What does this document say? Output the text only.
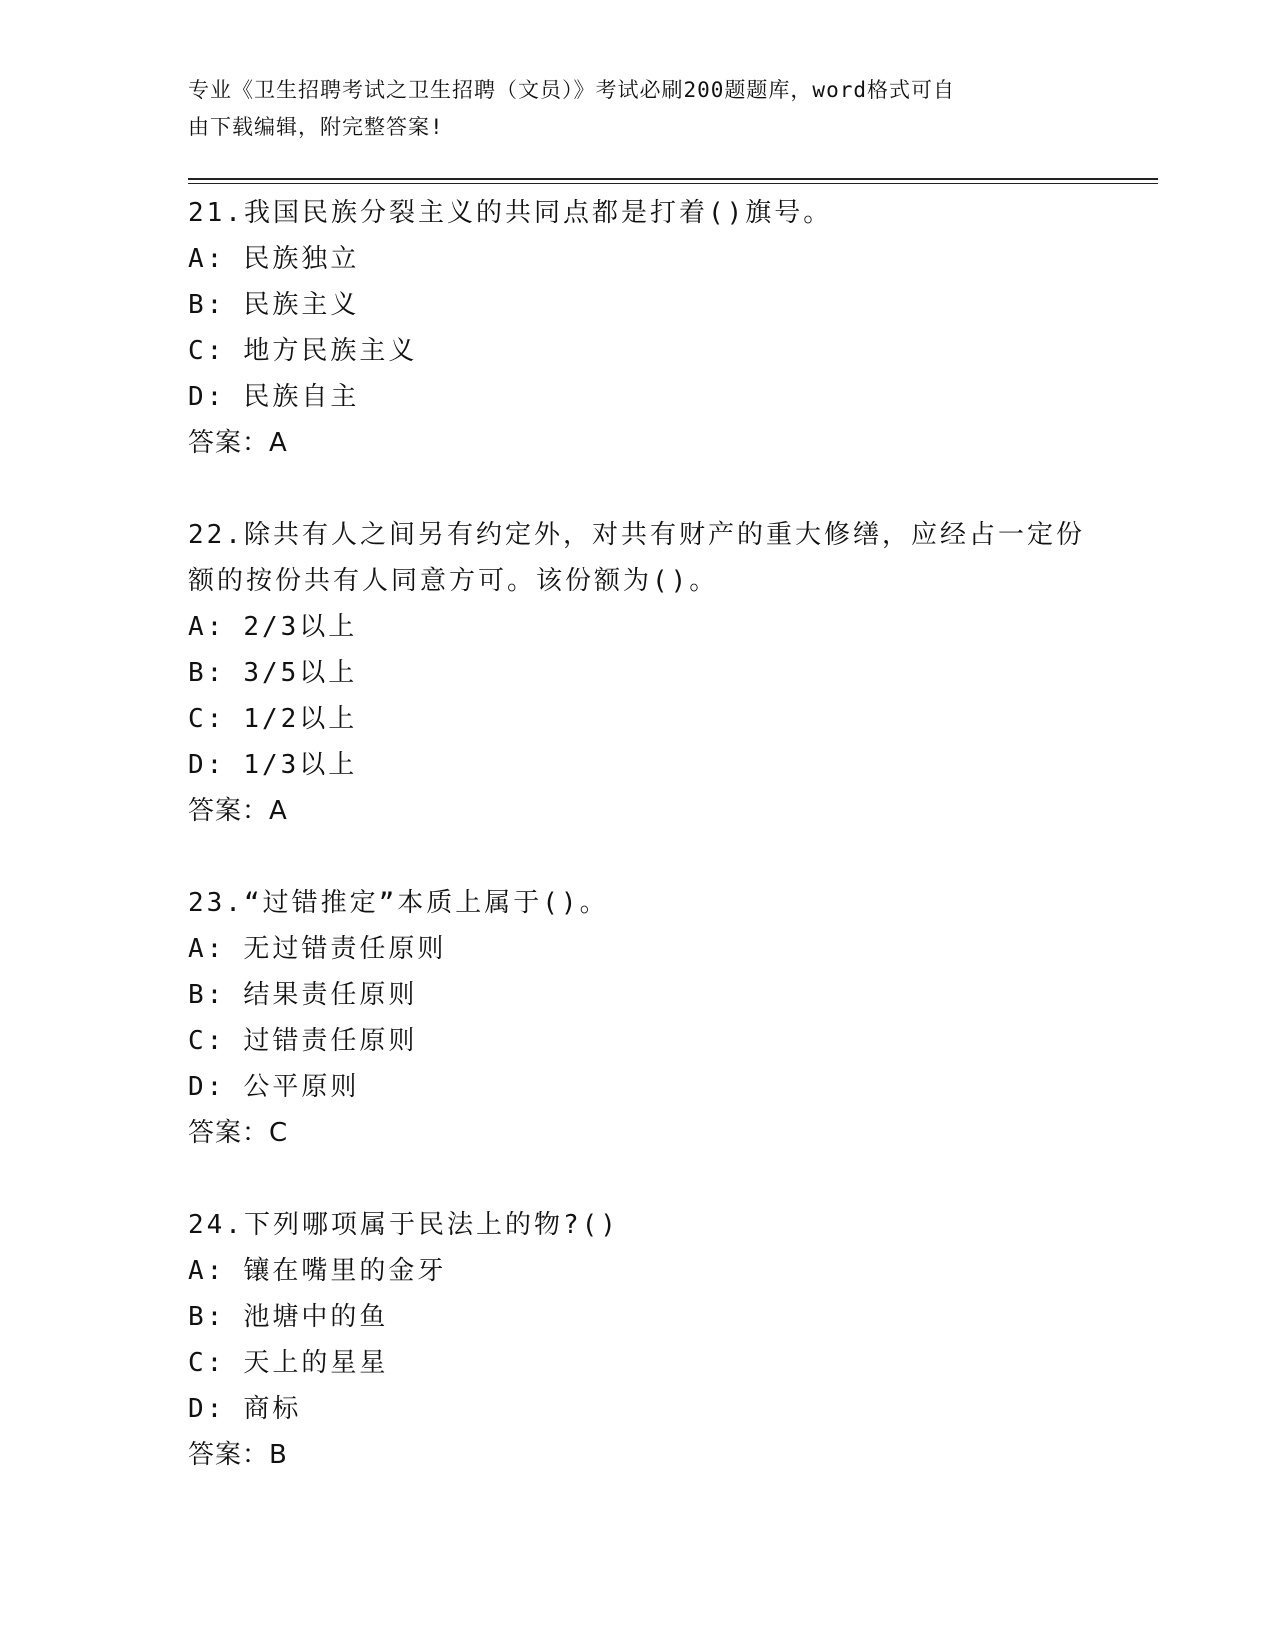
专业《卫生招聘考试之卫生招聘（文员）》考试必刷200题题库，word格式可自
由下载编辑，附完整答案!
21.我国民族分裂主义的共同点都是打着()旗号。
A: 民族独立
B: 民族主义
C: 地方民族主义
D: 民族自主
答案：A
22.除共有人之间另有约定外，对共有财产的重大修缮，应经占一定份额的按份共有人同意方可。该份额为()。
A: 2/3以上
B: 3/5以上
C: 1/2以上
D: 1/3以上
答案：A
23.“过错推定”本质上属于()。
A: 无过错责任原则
B: 结果责任原则
C: 过错责任原则
D: 公平原则
答案：C
24.下列哪项属于民法上的物?()
A: 镶在嘴里的金牙
B: 池塘中的鱼
C: 天上的星星
D: 商标
答案：B
